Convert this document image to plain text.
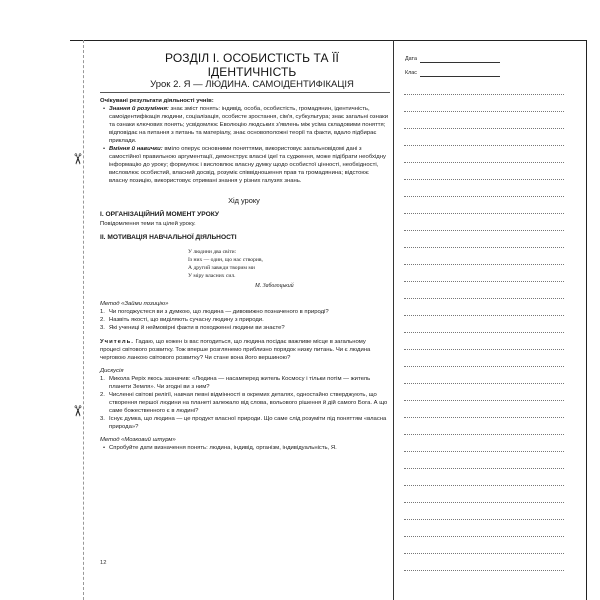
✂
✂
РОЗДІЛ І. ОСОБИСТІСТЬ ТА ЇЇ ІДЕНТИЧНІСТЬ
Урок 2. Я — ЛЮДИНА. САМОІДЕНТИФІКАЦІЯ
Дата
Клас

Очікувані результати діяльності учнів:

• Знання й розуміння: знає зміст понять: індивід, особа, особистість, громадянин, ідентичність, самоідентифікація людини, соціалізація, особисте зростання, сім'я, субкультура; знає загальні ознаки та ознаки ключових понять; усвідомлює Еволюцію людських з'явлень між усіма складовими поняття; відповідає на питання з питань та матеріалу, знає основоположні теорії та факти, вдало підбирає приклади.

• Вміння й навички: вміло оперує основними поняттями, використовує загальновідомі дані з самостійної правильною аргументації, демонструє власні ідеї та судження, може підібрати необхідну інформацію до уроку; формулює і висловлює власну думку щодо особистої цінності, необхідності, висловлює особистий, власний досвід, розуміє співвідношення прав та громадянина; відстоює власну позицію, використовує отримані знання у різних галузях знань.

Хід уроку

І. ОРГАНІЗАЦІЙНИЙ МОМЕНТ УРОКУ

Повідомлення теми та цілей уроку.

ІІ. МОТИВАЦІЯ НАВЧАЛЬНОЇ ДІЯЛЬНОСТІ

У людини два світи:
Із них — один, що нас створив,
А другий завжди творим ми
У міру власних сил.

М. Заболоцький

Метод «Займи позицію»

1. Чи погоджуєтеся ви з думкою, що людина — дивовижно позначеного в природі?

2. Назвіть якості, що виділяють сучасну людину з природи.

3. Які учениці й неймовірні факти в походженні людини ви знаєте?

Учитель. Гадаю, що кожен із вас погодиться, що людина посідає важливе місце в загальному процесі світового розвитку. Тож вперше розглянемо приблизно порядок низку питань. Чи є людина черговою ланкою світового розвитку? Чи стане вона його вершиною?

Дискусія

1. Микола Реріх якось зазначив: «Людина — насамперед житель Космосу і тільки потім — житель планети Земля». Чи згодні ви з ним?

2. Численні світові релігії, навчая певні відмінності в окремих деталях, одностайно стверджують, що створення першої людини на планеті залежало від слова, вольового рішення й дій самого Бога. А що саме божественного є в людині?

3. Існує думка, що людина — це продукт власної природи. Що саме слід розуміти під поняттям «власна природа»?

Метод «Мозковий штурм»

• Спробуйте дати визначення понять: людина, індивід, організм, індивідуальність, Я.

12
